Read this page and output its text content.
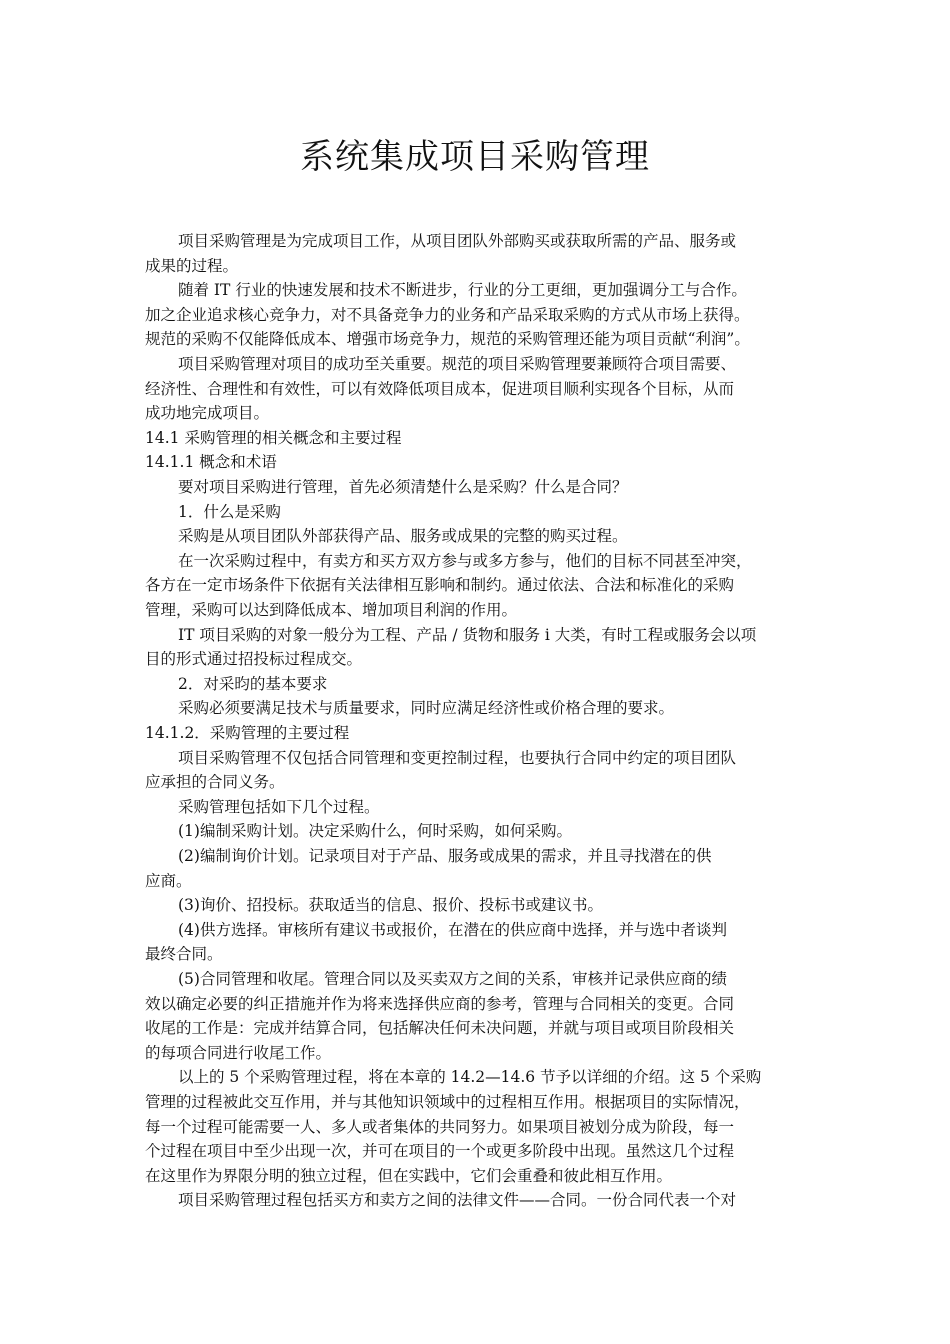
系统集成项目采购管理
项目采购管理是为完成项目工作，从项目团队外部购买或获取所需的产品、服务或
成果的过程。
随着 IT 行业的快速发展和技术不断进步，行业的分工更细，更加强调分工与合作。
加之企业追求核心竞争力，对不具备竞争力的业务和产品采取采购的方式从市场上获得。
规范的采购不仅能降低成本、增强市场竞争力，规范的采购管理还能为项目贡献“利润”。
项目采购管理对项目的成功至关重要。规范的项目采购管理要兼顾符合项目需要、
经济性、合理性和有效性，可以有效降低项目成本，促进项目顺利实现各个目标，从而
成功地完成项目。
14.1 采购管理的相关概念和主要过程
14.1.1 概念和术语
要对项目采购进行管理，首先必须清楚什么是采购？什么是合同？
1．什么是采购
采购是从项目团队外部获得产品、服务或成果的完整的购买过程。
在一次采购过程中，有卖方和买方双方参与或多方参与，他们的目标不同甚至冲突，
各方在一定市场条件下依据有关法律相互影响和制约。通过依法、合法和标准化的采购
管理，采购可以达到降低成本、增加项目利润的作用。
IT 项目采购的对象一般分为工程、产品 / 货物和服务 i 大类，有时工程或服务会以项
目的形式通过招投标过程成交。
2．对采昀的基本要求
采购必须要满足技术与质量要求，同时应满足经济性或价格合理的要求。
14.1.2．采购管理的主要过程
项目采购管理不仅包括合同管理和变更控制过程，也要执行合同中约定的项目团队
应承担的合同义务。
采购管理包括如下几个过程。
(1)编制采购计划。决定采购什么，何时采购，如何采购。
(2)编制询价计划。记录项目对于产品、服务或成果的需求，并且寻找潜在的供
应商。
(3)询价、招投标。获取适当的信息、报价、投标书或建议书。
(4)供方选择。审核所有建议书或报价，在潜在的供应商中选择，并与选中者谈判
最终合同。
(5)合同管理和收尾。管理合同以及买卖双方之间的关系，审核并记录供应商的绩
效以确定必要的纠正措施并作为将来选择供应商的参考，管理与合同相关的变更。合同
收尾的工作是：完成并结算合同，包括解决任何未决问题，并就与项目或项目阶段相关
的每项合同进行收尾工作。
以上的 5 个采购管理过程，将在本章的 14.2—14.6 节予以详细的介绍。这 5 个采购
管理的过程被此交互作用，并与其他知识领域中的过程相互作用。根据项目的实际情况，
每一个过程可能需要一人、多人或者集体的共同努力。如果项目被划分成为阶段，每一
个过程在项目中至少出现一次，并可在项目的一个或更多阶段中出现。虽然这几个过程
在这里作为界限分明的独立过程，但在实践中，它们会重叠和彼此相互作用。
项目采购管理过程包括买方和卖方之间的法律文件——合同。一份合同代表一个对
